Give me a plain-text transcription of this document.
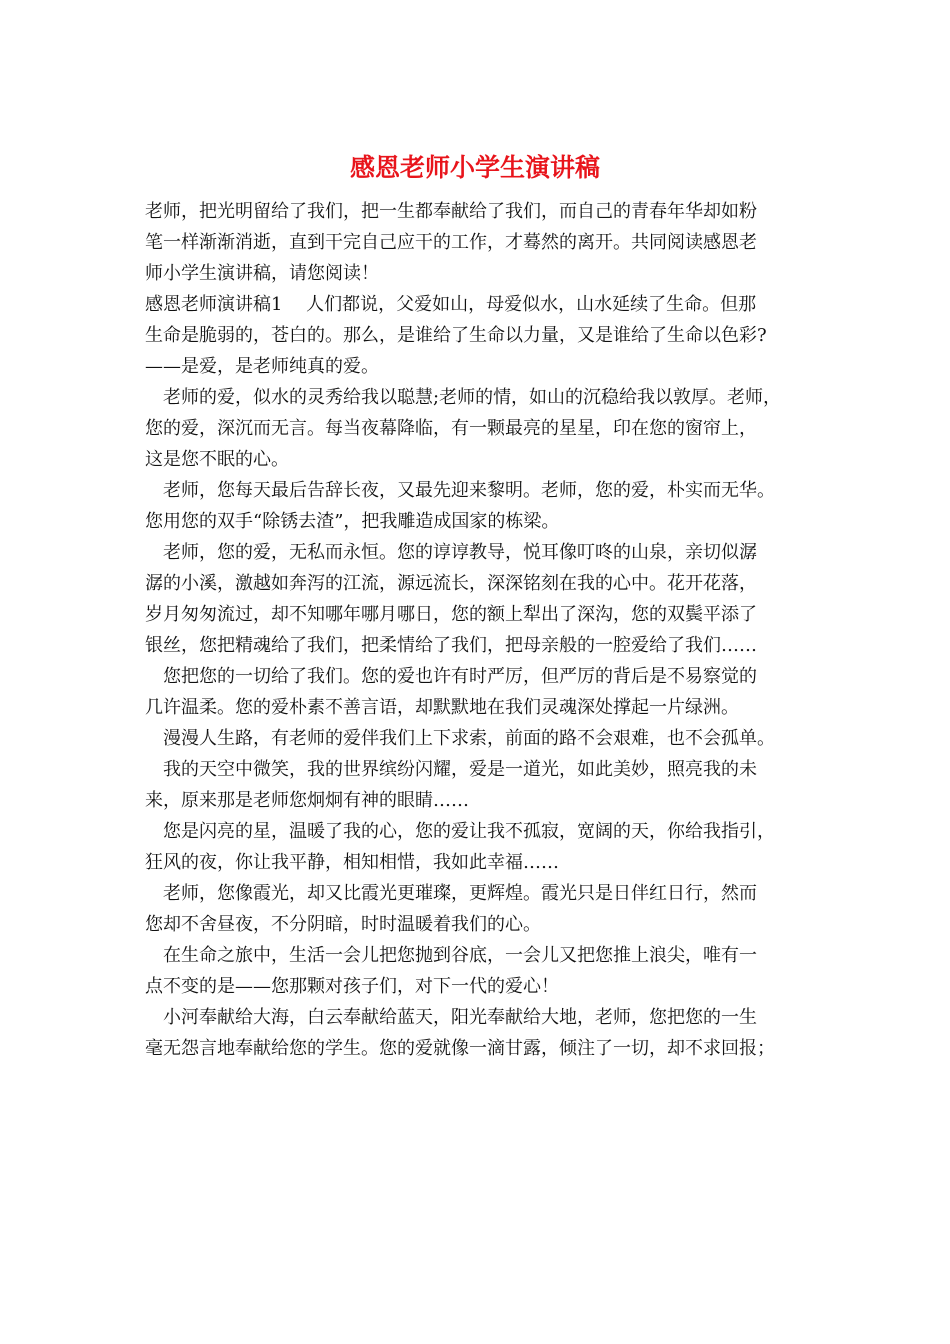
感恩老师小学生演讲稿
老师，把光明留给了我们，把一生都奉献给了我们，而自己的青春年华却如粉
笔一样渐渐消逝，直到干完自己应干的工作，才蓦然的离开。共同阅读感恩老
师小学生演讲稿，请您阅读！
感恩老师演讲稿1　 人们都说，父爱如山，母爱似水，山水延续了生命。但那
生命是脆弱的，苍白的。那么，是谁给了生命以力量，又是谁给了生命以色彩?
——是爱，是老师纯真的爱。
老师的爱，似水的灵秀给我以聪慧;老师的情，如山的沉稳给我以敦厚。老师，
您的爱，深沉而无言。每当夜幕降临，有一颗最亮的星星，印在您的窗帘上，
这是您不眠的心。
老师，您每天最后告辞长夜，又最先迎来黎明。老师，您的爱，朴实而无华。
您用您的双手“除锈去渣”，把我雕造成国家的栋梁。
老师，您的爱，无私而永恒。您的谆谆教导，悦耳像叮咚的山泉，亲切似潺
潺的小溪，激越如奔泻的江流，源远流长，深深铭刻在我的心中。花开花落，
岁月匆匆流过，却不知哪年哪月哪日，您的额上犁出了深沟，您的双鬓平添了
银丝，您把精魂给了我们，把柔情给了我们，把母亲般的一腔爱给了我们……
您把您的一切给了我们。您的爱也许有时严厉，但严厉的背后是不易察觉的
几许温柔。您的爱朴素不善言语，却默默地在我们灵魂深处撑起一片绿洲。
漫漫人生路，有老师的爱伴我们上下求索，前面的路不会艰难，也不会孤单。
我的天空中微笑，我的世界缤纷闪耀，爱是一道光，如此美妙，照亮我的未
来，原来那是老师您炯炯有神的眼睛……
您是闪亮的星，温暖了我的心，您的爱让我不孤寂，宽阔的天，你给我指引，
狂风的夜，你让我平静，相知相惜，我如此幸福……
老师，您像霞光，却又比霞光更璀璨，更辉煌。霞光只是日伴红日行，然而
您却不舍昼夜，不分阴暗，时时温暖着我们的心。
在生命之旅中，生活一会儿把您抛到谷底，一会儿又把您推上浪尖，唯有一
点不变的是——您那颗对孩子们，对下一代的爱心！
小河奉献给大海，白云奉献给蓝天，阳光奉献给大地，老师，您把您的一生
毫无怨言地奉献给您的学生。您的爱就像一滴甘露，倾注了一切，却不求回报；
